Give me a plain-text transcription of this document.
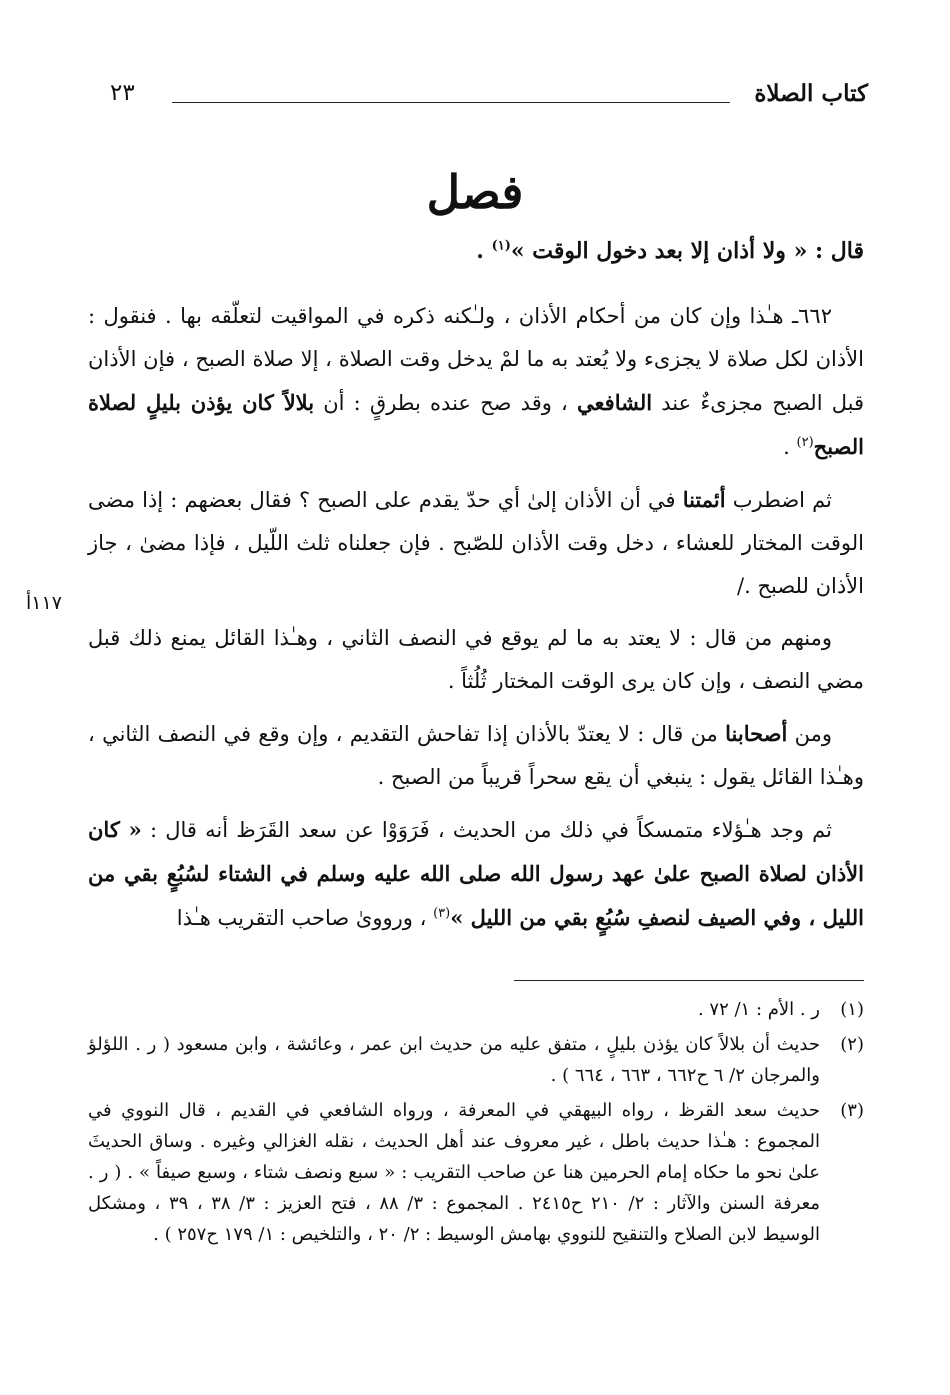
كتاب الصلاة
٢٣
فصل
١١٧أ

قال : « ولا أذان إلا بعد دخول الوقت »$^{(١)}$ .

٦٦٢ـ هـٰذا وإن كان من أحكام الأذان ، ولـٰكنه ذكره في المواقيت لتعلّقه بها . فنقول : الأذان لكل صلاة لا يجزىء ولا يُعتد به ما لمْ يدخل وقت الصلاة ، إلا صلاة الصبح ، فإن الأذان قبل الصبح مجزىءٌ عند الشافعي ، وقد صح عنده بطرقٍ : أن بلالاً كان يؤذن بليلٍ لصلاة الصبح$^{(٢)}$ .

ثم اضطرب أئمتنا في أن الأذان إلىٰ أي حدّ يقدم على الصبح ؟ فقال بعضهم : إذا مضى الوقت المختار للعشاء ، دخل وقت الأذان للصّبح . فإن جعلناه ثلث اللّيل ، فإذا مضىٰ ، جاز الأذان للصبح ./

ومنهم من قال : لا يعتد به ما لم يوقع في النصف الثاني ، وهـٰذا القائل يمنع ذلك قبل مضي النصف ، وإن كان يرى الوقت المختار ثُلُثاً .

ومن أصحابنا من قال : لا يعتدّ بالأذان إذا تفاحش التقديم ، وإن وقع في النصف الثاني ، وهـٰذا القائل يقول : ينبغي أن يقع سحراً قريباً من الصبح .

ثم وجد هـٰؤلاء متمسكاً في ذلك من الحديث ، فَرَوَوْا عن سعد القَرَظ أنه قال : « كان الأذان لصلاة الصبح علىٰ عهد رسول الله صلى الله عليه وسلم في الشتاء لسُبُعٍ بقي من الليل ، وفي الصيف لنصفِ سُبُعٍ بقي من الليل »$^{(٣)}$ ، ورووىٰ صاحب التقريب هـٰذا

(١)
ر . الأم : ١/ ٧٢ .
(٢)
حديث أن بلالاً كان يؤذن بليلٍ ، متفق عليه من حديث ابن عمر ، وعائشة ، وابن مسعود ( ر . اللؤلؤ والمرجان ٢/ ٦ ح٦٦٢ ، ٦٦٣ ، ٦٦٤ ) .
(٣)
حديث سعد القرظ ، رواه البيهقي في المعرفة ، ورواه الشافعي في القديم ، قال النووي في المجموع : هـٰذا حديث باطل ، غير معروف عند أهل الحديث ، نقله الغزالي وغيره . وساق الحديثَ علىٰ نحو ما حكاه إمام الحرمين هنا عن صاحب التقريب : « سبع ونصف شتاء ، وسبع صيفاً » . ( ر . معرفة السنن والآثار : ٢/ ٢١٠ ح٢٤١٥ . المجموع : ٣/ ٨٨ ، فتح العزيز : ٣/ ٣٨ ، ٣٩ ، ومشكل الوسيط لابن الصلاح والتنقيح للنووي بهامش الوسيط : ٢/ ٢٠ ، والتلخيص : ١/ ١٧٩ ح٢٥٧ ) .
